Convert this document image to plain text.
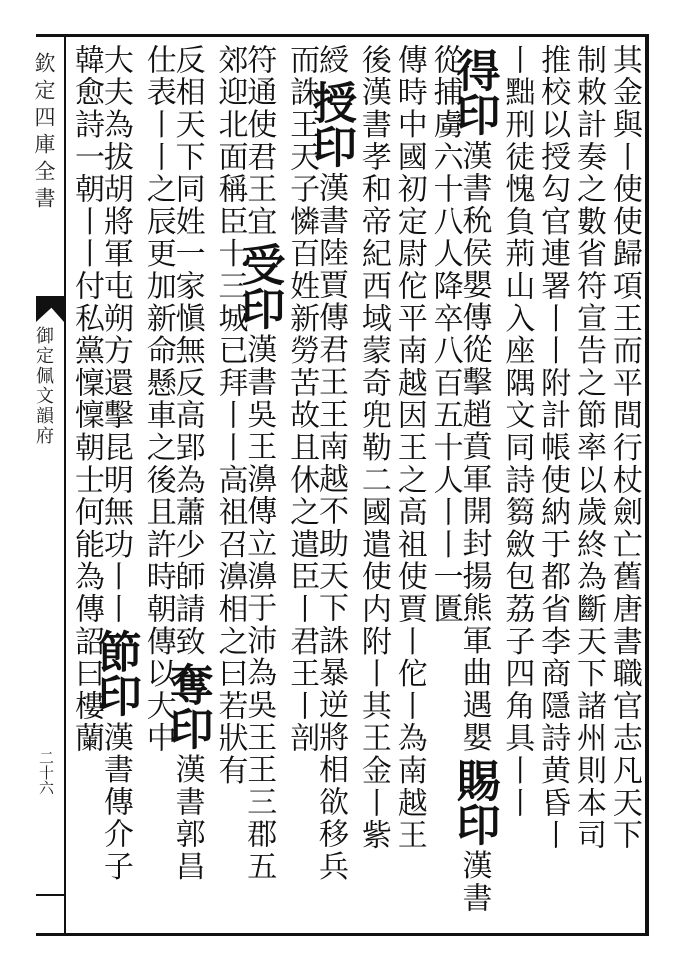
欽定四庫全書
御定佩文韻府
二十六	其金與丨使使歸項王而平間行杖劍亡舊唐書職官志凡天下
制敕計奏之數省符宣告之節率以歲終為斷天下諸州則本司
推校以授勾官連署丨丨附計帳使納于都省李商隱詩黄昏丨
丨黜刑徒愧負荊山入座隅文同詩篘斂包荔子四角具丨丨
得印漢書𥝲侯嬰傳從擊趙賁軍開封揚熊軍曲遇嬰賜印漢書
從捕虜六十八人降卒八百五十人丨丨一匱
傳時中國初定尉佗平南越因王之高祖使賈丨佗丨為南越王
後漢書孝和帝紀西域蒙奇兜勒二國遣使内附丨其王金丨紫
綬授印漢書陸賈傳君王王南越不助天下誅暴逆將相欲移兵
而誅王天子憐百姓新勞苦故且休之遣臣丨君王丨剖
符通使君王宜受印漢書吳王濞傳立濞于沛為吳王王三郡五
郊迎北面稱臣十三城已拜丨丨高祖召濞相之曰若狀有
反相天下同姓一家愼無反高郢為蕭少師請致奪印漢書郭昌
仕表丨丨之辰更加新命懸車之後且許時朝傳以大中
大夫為拔胡將軍屯朔方還擊昆明無功丨丨節印漢書傳介子
韓愈詩一朝丨丨付私黨懍懍朝士何能為傳詔曰樓蘭
